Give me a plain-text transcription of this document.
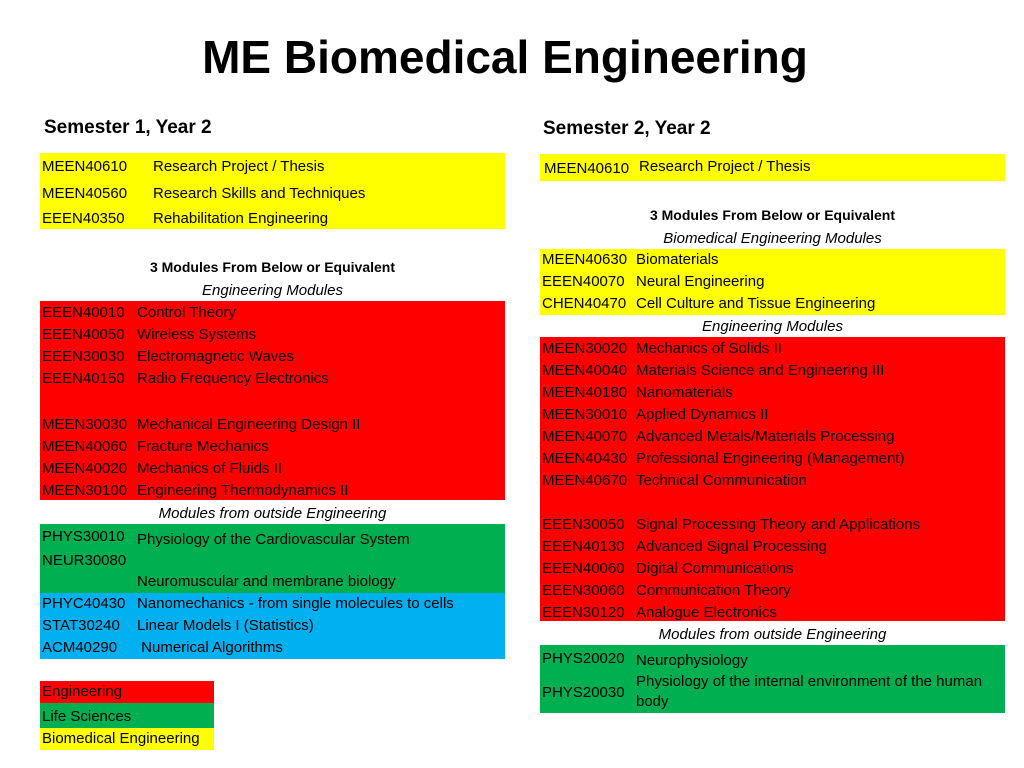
ME Biomedical Engineering
Semester 1, Year 2
MEEN40610 Research Project / Thesis
MEEN40560 Research Skills and Techniques
EEEN40350 Rehabilitation Engineering
3 Modules From Below or Equivalent
Engineering Modules
EEEN40010 Control Theory
EEEN40050 Wireless Systems
EEEN30030 Electromagnetic Waves
EEEN40150 Radio Frequency Electronics
MEEN30030 Mechanical Engineering Design II
MEEN40060 Fracture Mechanics
MEEN40020 Mechanics of Fluids II
MEEN30100 Engineering Thermodynamics II
Modules from outside Engineering
PHYS30010 Physiology of the Cardiovascular System
NEUR30080
Neuromuscular and membrane biology
PHYC40430 Nanomechanics - from single molecules to cells
STAT30240 Linear Models I (Statistics)
ACM40290 Numerical Algorithms
Engineering
Life Sciences
Biomedical Engineering
Semester 2, Year 2
MEEN40610 Research Project / Thesis
3 Modules From Below or Equivalent
Biomedical Engineering Modules
MEEN40630 Biomaterials
EEEN40070 Neural Engineering
CHEN40470 Cell Culture and Tissue Engineering
Engineering Modules
MEEN30020 Mechanics of Solids II
MEEN40040 Materials Science and Engineering III
MEEN40180 Nanomaterials
MEEN30010 Applied Dynamics II
MEEN40070 Advanced Metals/Materials Processing
MEEN40430 Professional Engineering (Management)
MEEN40670 Technical Communication
EEEN30050 Signal Processing Theory and Applications
EEEN40130 Advanced Signal Processing
EEEN40060 Digital Communications
EEEN30060 Communication Theory
EEEN30120 Analogue Electronics
Modules from outside Engineering
PHYS20020 Neurophysiology
PHYS20030
Physiology of the internal environment of the human
body
